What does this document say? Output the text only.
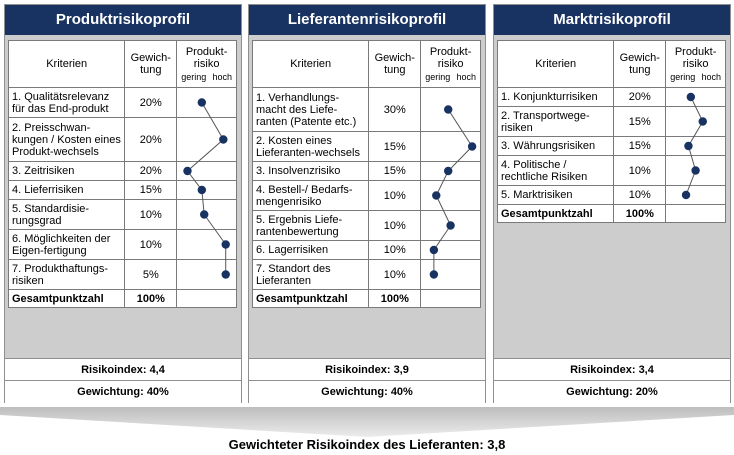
Produktrisikoprofil
Kriterien	Gewich-​tung	Produkt-​risiko
gering hoch

1. Qualitätsrelevanz für das End-​produkt	20%	
2. Preisschwan-​kungen / Kosten eines Produkt-​wechsels	20%	
3. Zeitrisiken	20%	
4. Lieferrisiken	15%	
5. Standardisie-​rungsgrad	10%	
6. Möglichkeiten der Eigen-​fertigung	10%	
7. Produkthaftungs-​risiken	5%	
Gesamtpunktzahl	100%	
Risikoindex: 4,4
Gewichtung: 40%
Lieferantenrisikoprofil
Kriterien	Gewich-​tung	Produkt-​risiko
gering hoch

1. Verhandlungs-​macht des Liefe-​ranten (Patente etc.)	30%	
2. Kosten eines Lieferanten-​wechsels	15%	
3. Insolvenzrisiko	15%	
4. Bestell-​/ Bedarfs-​mengenrisiko	10%	
5. Ergebnis Liefe-​rantenbewertung	10%	
6. Lagerrisiken	10%	
7. Standort des Lieferanten	10%	
Gesamtpunktzahl	100%	
Risikoindex: 3,9
Gewichtung: 40%
Marktrisikoprofil
Kriterien	Gewich-​tung	Produkt-​risiko
gering hoch

1. Konjunkturrisiken	20%	
2. Transportwege-​risiken	15%	
3. Währungsrisiken	15%	
4. Politische / rechtliche Risiken	10%	
5. Marktrisiken	10%	
Gesamtpunktzahl	100%	
Risikoindex: 3,4
Gewichtung: 20%
Gewichteter Risikoindex des Lieferanten: 3,8
